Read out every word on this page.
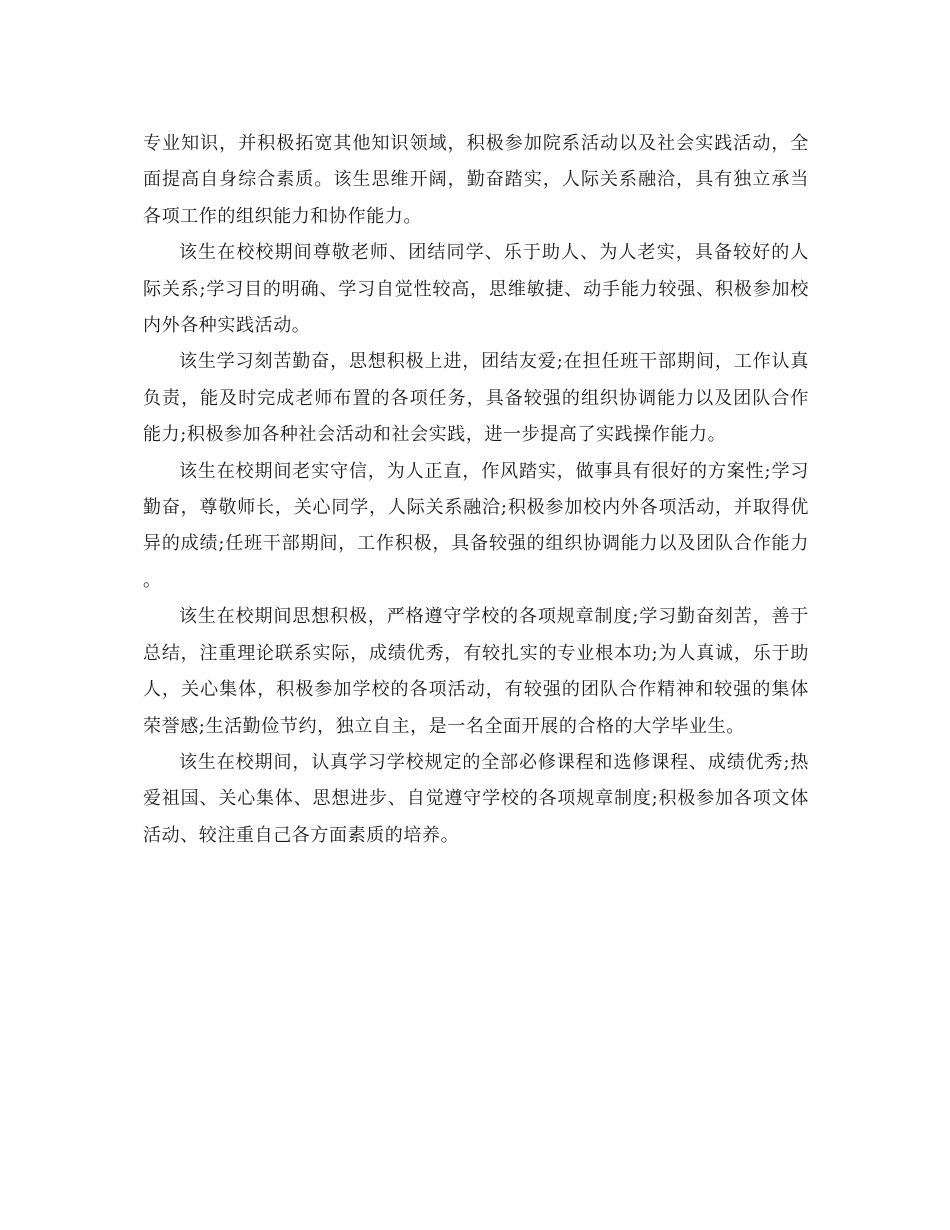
专业知识，并积极拓宽其他知识领域，积极参加院系活动以及社会实践活动，全面提高自身综合素质。该生思维开阔，勤奋踏实，人际关系融洽，具有独立承当各项工作的组织能力和协作能力。

该生在校校期间尊敬老师、团结同学、乐于助人、为人老实，具备较好的人际关系;学习目的明确、学习自觉性较高，思维敏捷、动手能力较强、积极参加校内外各种实践活动。

该生学习刻苦勤奋，思想积极上进，团结友爱;在担任班干部期间，工作认真负责，能及时完成老师布置的各项任务，具备较强的组织协调能力以及团队合作能力;积极参加各种社会活动和社会实践，进一步提高了实践操作能力。

该生在校期间老实守信，为人正直，作风踏实，做事具有很好的方案性;学习勤奋，尊敬师长，关心同学，人际关系融洽;积极参加校内外各项活动，并取得优异的成绩;任班干部期间，工作积极，具备较强的组织协调能力以及团队合作能力。

该生在校期间思想积极，严格遵守学校的各项规章制度;学习勤奋刻苦，善于总结，注重理论联系实际，成绩优秀，有较扎实的专业根本功;为人真诚，乐于助人，关心集体，积极参加学校的各项活动，有较强的团队合作精神和较强的集体荣誉感;生活勤俭节约，独立自主，是一名全面开展的合格的大学毕业生。

该生在校期间，认真学习学校规定的全部必修课程和选修课程、成绩优秀;热爱祖国、关心集体、思想进步、自觉遵守学校的各项规章制度;积极参加各项文体活动、较注重自己各方面素质的培养。
